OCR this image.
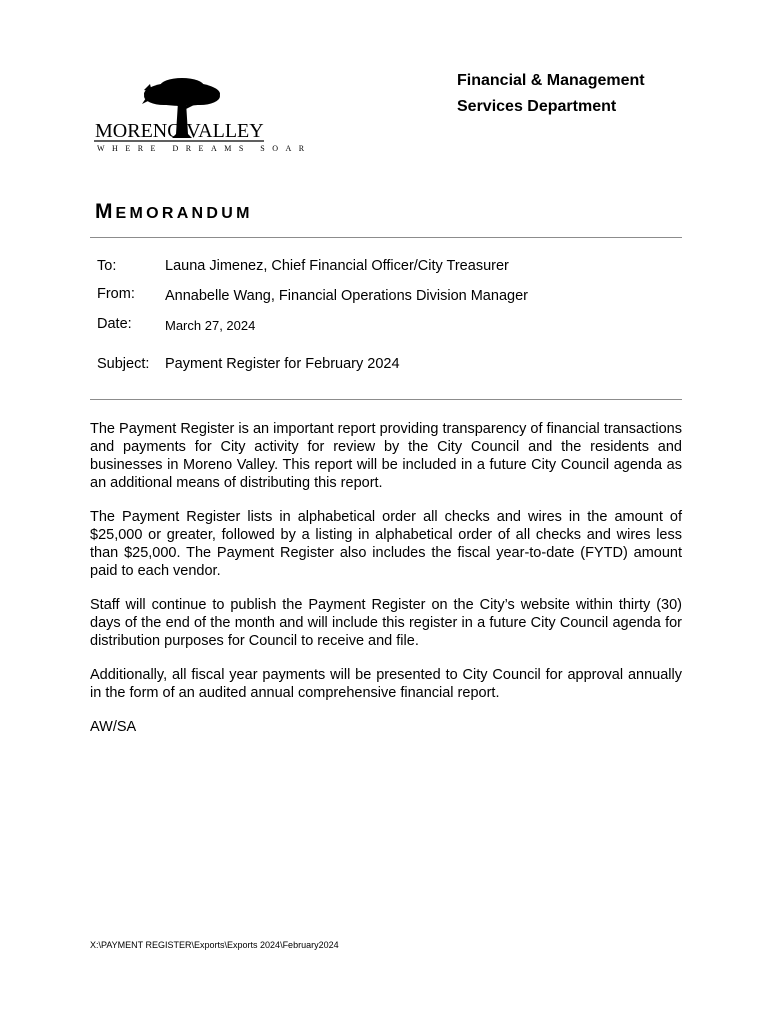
MORENO VALLEY
WHERE DREAMS SOAR
Financial & Management
Services Department
MEMORANDUM
To:	Launa Jimenez, Chief Financial Officer/City Treasurer
From: Annabelle Wang, Financial Operations Division Manager
Date:	March 27, 2024
Subject: Payment Register for February 2024

The Payment Register is an important report providing transparency of financial transactions and payments for City activity for review by the City Council and the residents and businesses in Moreno Valley. This report will be included in a future City Council agenda as an additional means of distributing this report.

The Payment Register lists in alphabetical order all checks and wires in the amount of $25,000 or greater, followed by a listing in alphabetical order of all checks and wires less than $25,000. The Payment Register also includes the fiscal year-to-date (FYTD) amount paid to each vendor.

Staff will continue to publish the Payment Register on the City’s website within thirty (30) days of the end of the month and will include this register in a future City Council agenda for distribution purposes for Council to receive and file.

Additionally, all fiscal year payments will be presented to City Council for approval annually in the form of an audited annual comprehensive financial report.

AW/SA

X:\PAYMENT REGISTER\Exports\Exports 2024\February2024
